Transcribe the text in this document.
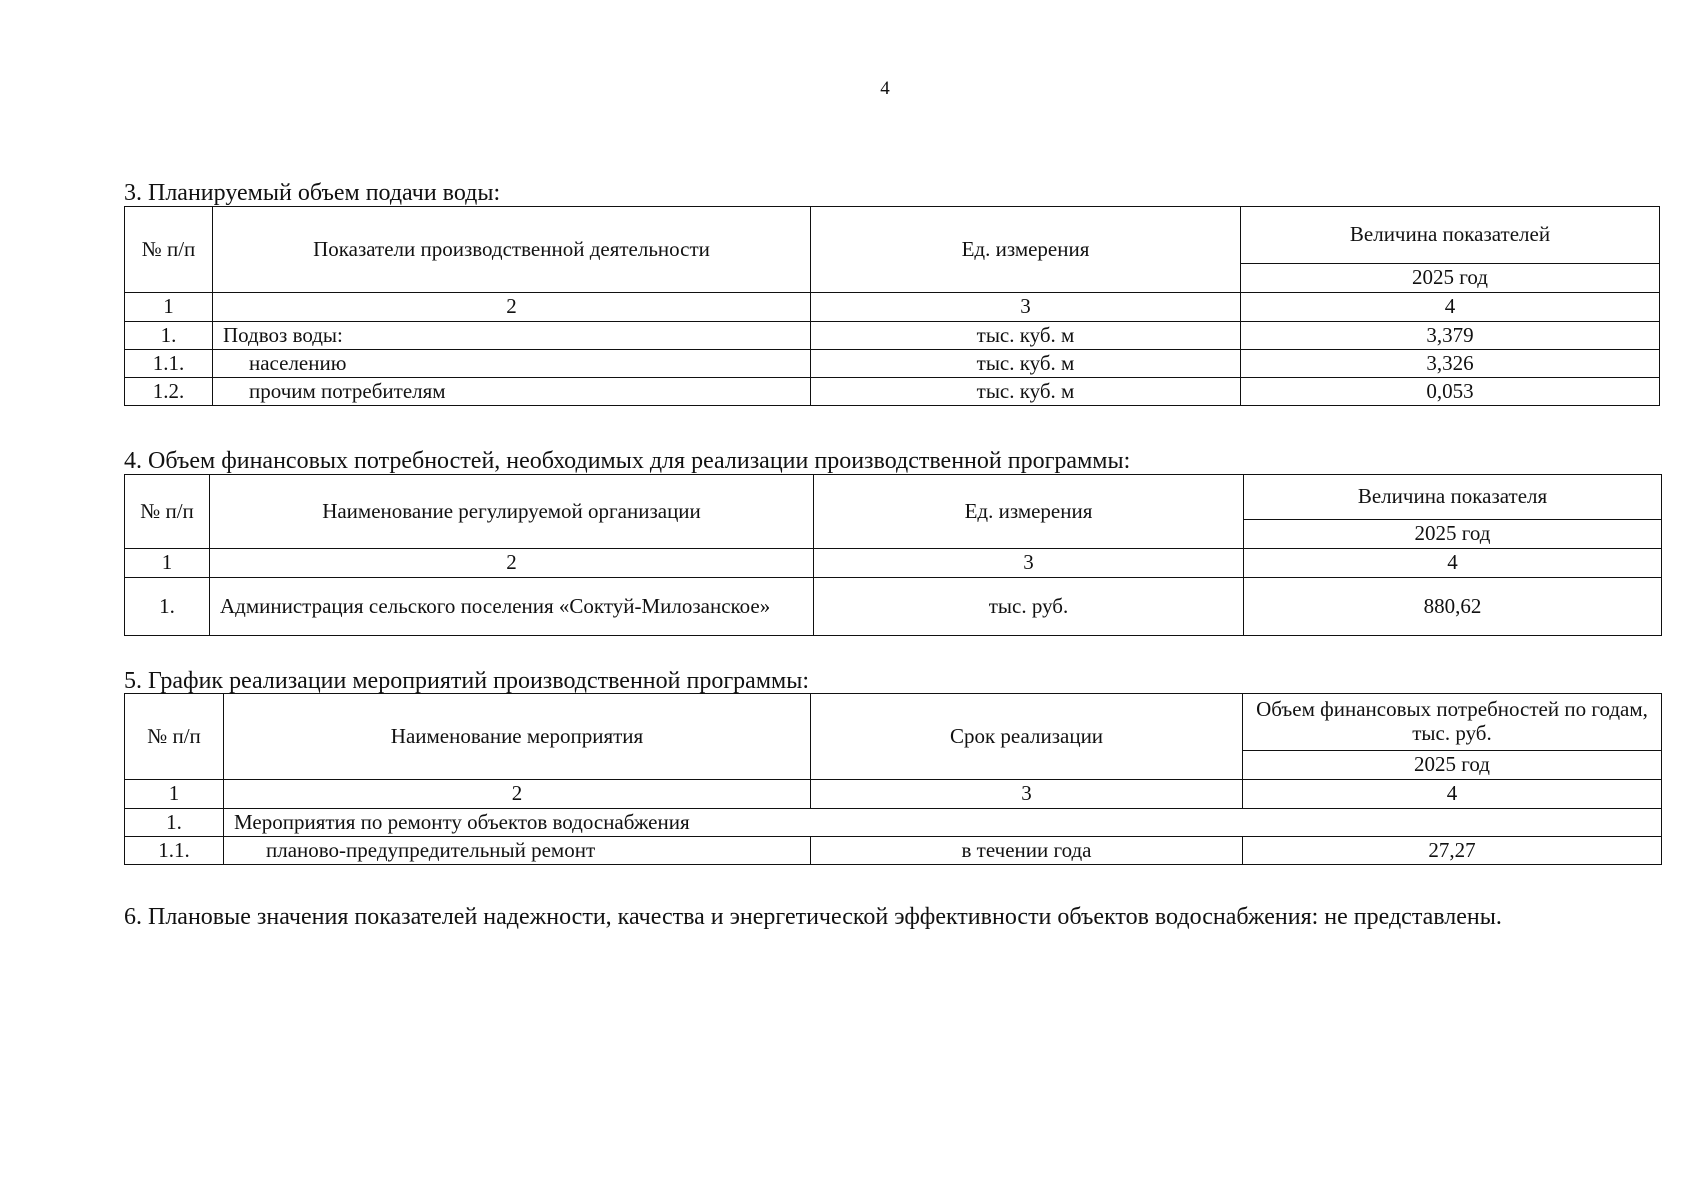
4
3. Планируемый объем подачи воды:
№ п/п	Показатели производственной деятельности	Ед. измерения	Величина показателей
			2025 год
1	2	3	4
1.	Подвоз воды:	тыс. куб. м	3,379
1.1.	населению	тыс. куб. м	3,326
1.2.	прочим потребителям	тыс. куб. м	0,053
4. Объем финансовых потребностей, необходимых для реализации производственной программы:
№ п/п	Наименование регулируемой организации	Ед. измерения	Величина показателя
			2025 год
1	2	3	4
1.	Администрация сельского поселения «Соктуй-Милозанское»	тыс. руб.	880,62
5. График реализации мероприятий производственной программы:
№ п/п	Наименование мероприятия	Срок реализации	Объем финансовых потребностей по годам, тыс. руб.
			2025 год
1	2	3	4
1.	Мероприятия по ремонту объектов водоснабжения		
1.1.	планово-предупредительный ремонт	в течении года	27,27
6. Плановые значения показателей надежности, качества и энергетической эффективности объектов водоснабжения: не представлены.
